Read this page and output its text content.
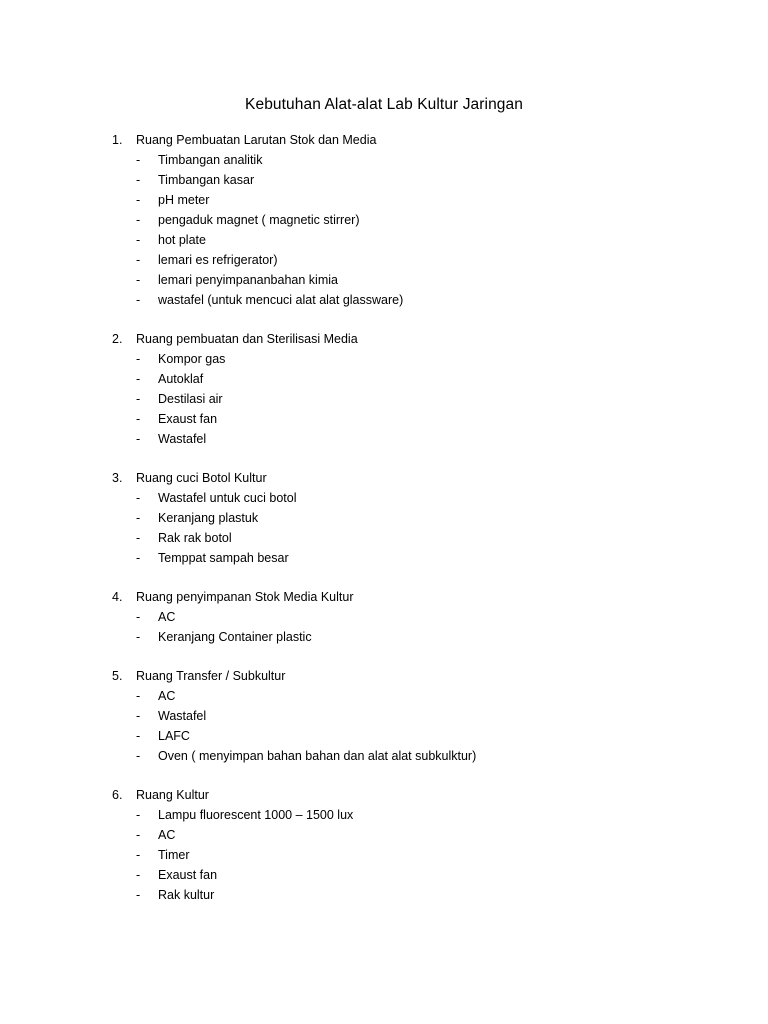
Kebutuhan Alat-alat Lab Kultur Jaringan
1. Ruang Pembuatan Larutan Stok dan Media
- Timbangan analitik
- Timbangan kasar
- pH meter
- pengaduk magnet ( magnetic stirrer)
- hot plate
- lemari es refrigerator)
- lemari penyimpananbahan kimia
- wastafel (untuk mencuci alat alat glassware)
2. Ruang pembuatan dan Sterilisasi Media
- Kompor gas
- Autoklaf
- Destilasi air
- Exaust fan
- Wastafel
3. Ruang cuci Botol Kultur
- Wastafel untuk cuci botol
- Keranjang plastuk
- Rak rak botol
- Temppat sampah besar
4. Ruang penyimpanan Stok Media Kultur
- AC
- Keranjang Container plastic
5. Ruang Transfer / Subkultur
- AC
- Wastafel
- LAFC
- Oven ( menyimpan bahan bahan dan alat alat subkulktur)
6. Ruang Kultur
- Lampu fluorescent 1000 – 1500 lux
- AC
- Timer
- Exaust fan
- Rak kultur
